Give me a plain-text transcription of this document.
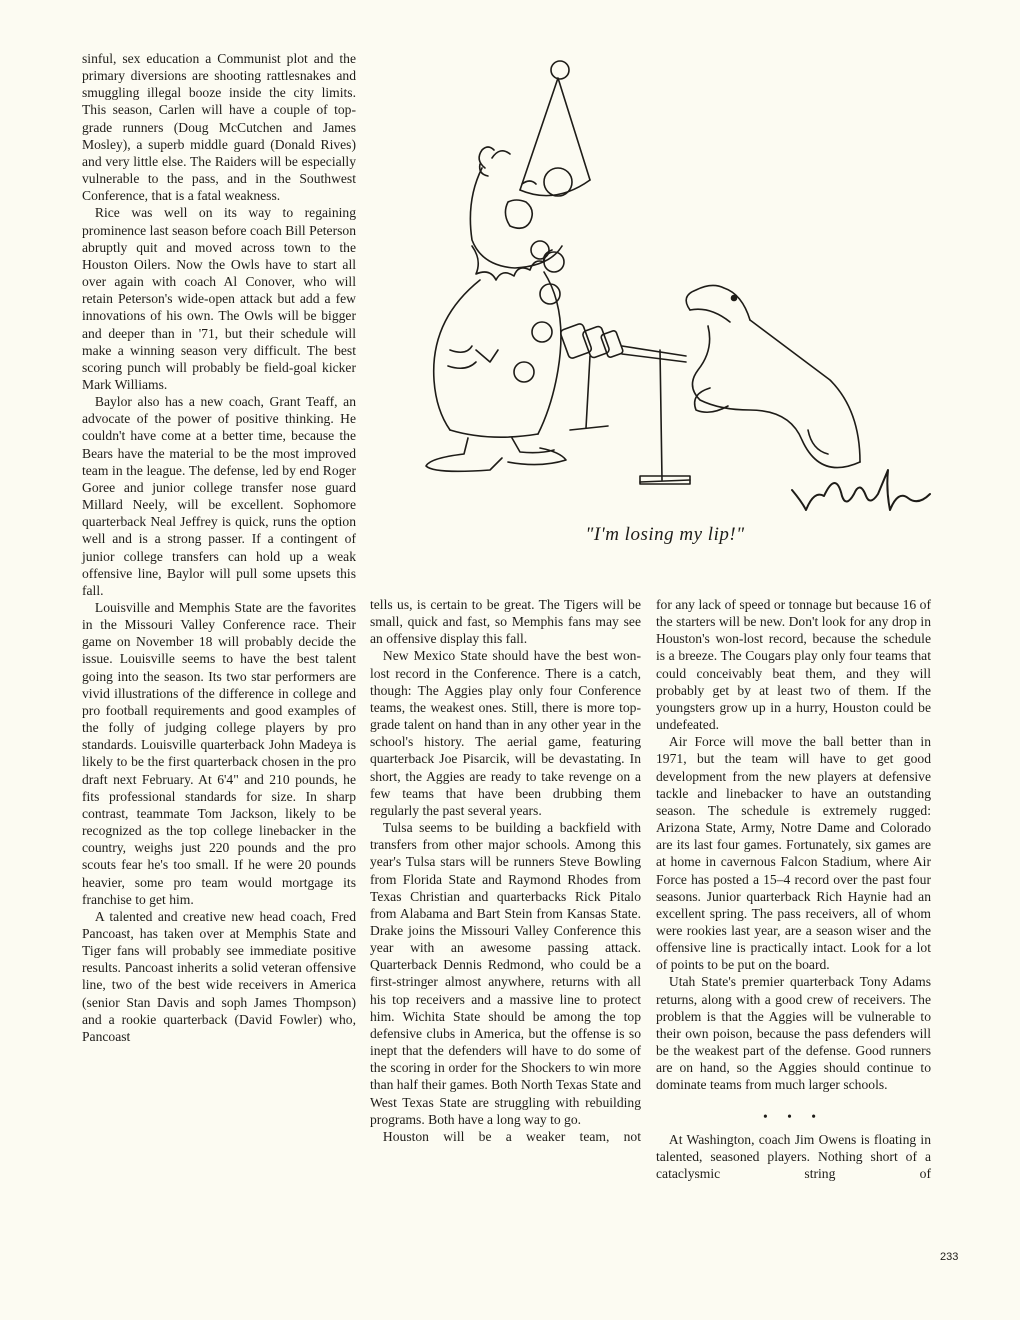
sinful, sex education a Communist plot and the primary diversions are shooting rattlesnakes and smuggling illegal booze inside the city limits. This season, Carlen will have a couple of top-grade runners (Doug McCutchen and James Mosley), a superb middle guard (Donald Rives) and very little else. The Raiders will be especially vulnerable to the pass, and in the Southwest Conference, that is a fatal weakness.

Rice was well on its way to regaining prominence last season before coach Bill Peterson abruptly quit and moved across town to the Houston Oilers. Now the Owls have to start all over again with coach Al Conover, who will retain Peterson's wide-open attack but add a few innovations of his own. The Owls will be bigger and deeper than in '71, but their schedule will make a winning season very difficult. The best scoring punch will probably be field-goal kicker Mark Williams.

Baylor also has a new coach, Grant Teaff, an advocate of the power of positive thinking. He couldn't have come at a better time, because the Bears have the material to be the most improved team in the league. The defense, led by end Roger Goree and junior college transfer nose guard Millard Neely, will be excellent. Sophomore quarterback Neal Jeffrey is quick, runs the option well and is a strong passer. If a contingent of junior college transfers can hold up a weak offensive line, Baylor will pull some upsets this fall.

Louisville and Memphis State are the favorites in the Missouri Valley Conference race. Their game on November 18 will probably decide the issue. Louisville seems to have the best talent going into the season. Its two star performers are vivid illustrations of the difference in college and pro football requirements and good examples of the folly of judging college players by pro standards. Louisville quarterback John Madeya is likely to be the first quarterback chosen in the pro draft next February. At 6'4" and 210 pounds, he fits professional standards for size. In sharp contrast, teammate Tom Jackson, likely to be recognized as the top college linebacker in the country, weighs just 220 pounds and the pro scouts fear he's too small. If he were 20 pounds heavier, some pro team would mortgage its franchise to get him.

A talented and creative new head coach, Fred Pancoast, has taken over at Memphis State and Tiger fans will probably see immediate positive results. Pancoast inherits a solid veteran offensive line, two of the best wide receivers in America (senior Stan Davis and soph James Thompson) and a rookie quarterback (David Fowler) who, Pancoast

"I'm losing my lip!"

tells us, is certain to be great. The Tigers will be small, quick and fast, so Memphis fans may see an offensive display this fall.

New Mexico State should have the best won-lost record in the Conference. There is a catch, though: The Aggies play only four Conference teams, the weakest ones. Still, there is more top-grade talent on hand than in any other year in the school's history. The aerial game, featuring quarterback Joe Pisarcik, will be devastating. In short, the Aggies are ready to take revenge on a few teams that have been drubbing them regularly the past several years.

Tulsa seems to be building a backfield with transfers from other major schools. Among this year's Tulsa stars will be runners Steve Bowling from Florida State and Raymond Rhodes from Texas Christian and quarterbacks Rick Pitalo from Alabama and Bart Stein from Kansas State. Drake joins the Missouri Valley Conference this year with an awesome passing attack. Quarterback Dennis Redmond, who could be a first-stringer almost anywhere, returns with all his top receivers and a massive line to protect him. Wichita State should be among the top defensive clubs in America, but the offense is so inept that the defenders will have to do some of the scoring in order for the Shockers to win more than half their games. Both North Texas State and West Texas State are struggling with rebuilding programs. Both have a long way to go.

Houston will be a weaker team, not

for any lack of speed or tonnage but because 16 of the starters will be new. Don't look for any drop in Houston's won-lost record, because the schedule is a breeze. The Cougars play only four teams that could conceivably beat them, and they will probably get by at least two of them. If the youngsters grow up in a hurry, Houston could be undefeated.

Air Force will move the ball better than in 1971, but the team will have to get good development from the new players at defensive tackle and linebacker to have an outstanding season. The schedule is extremely rugged: Arizona State, Army, Notre Dame and Colorado are its last four games. Fortunately, six games are at home in cavernous Falcon Stadium, where Air Force has posted a 15–4 record over the past four seasons. Junior quarterback Rich Haynie had an excellent spring. The pass receivers, all of whom were rookies last year, are a season wiser and the offensive line is practically intact. Look for a lot of points to be put on the board.

Utah State's premier quarterback Tony Adams returns, along with a good crew of receivers. The problem is that the Aggies will be vulnerable to their own poison, because the pass defenders will be the weakest part of the defense. Good runners are on hand, so the Aggies should continue to dominate teams from much larger schools.

• • •

At Washington, coach Jim Owens is floating in talented, seasoned players. Nothing short of a cataclysmic string of

233
